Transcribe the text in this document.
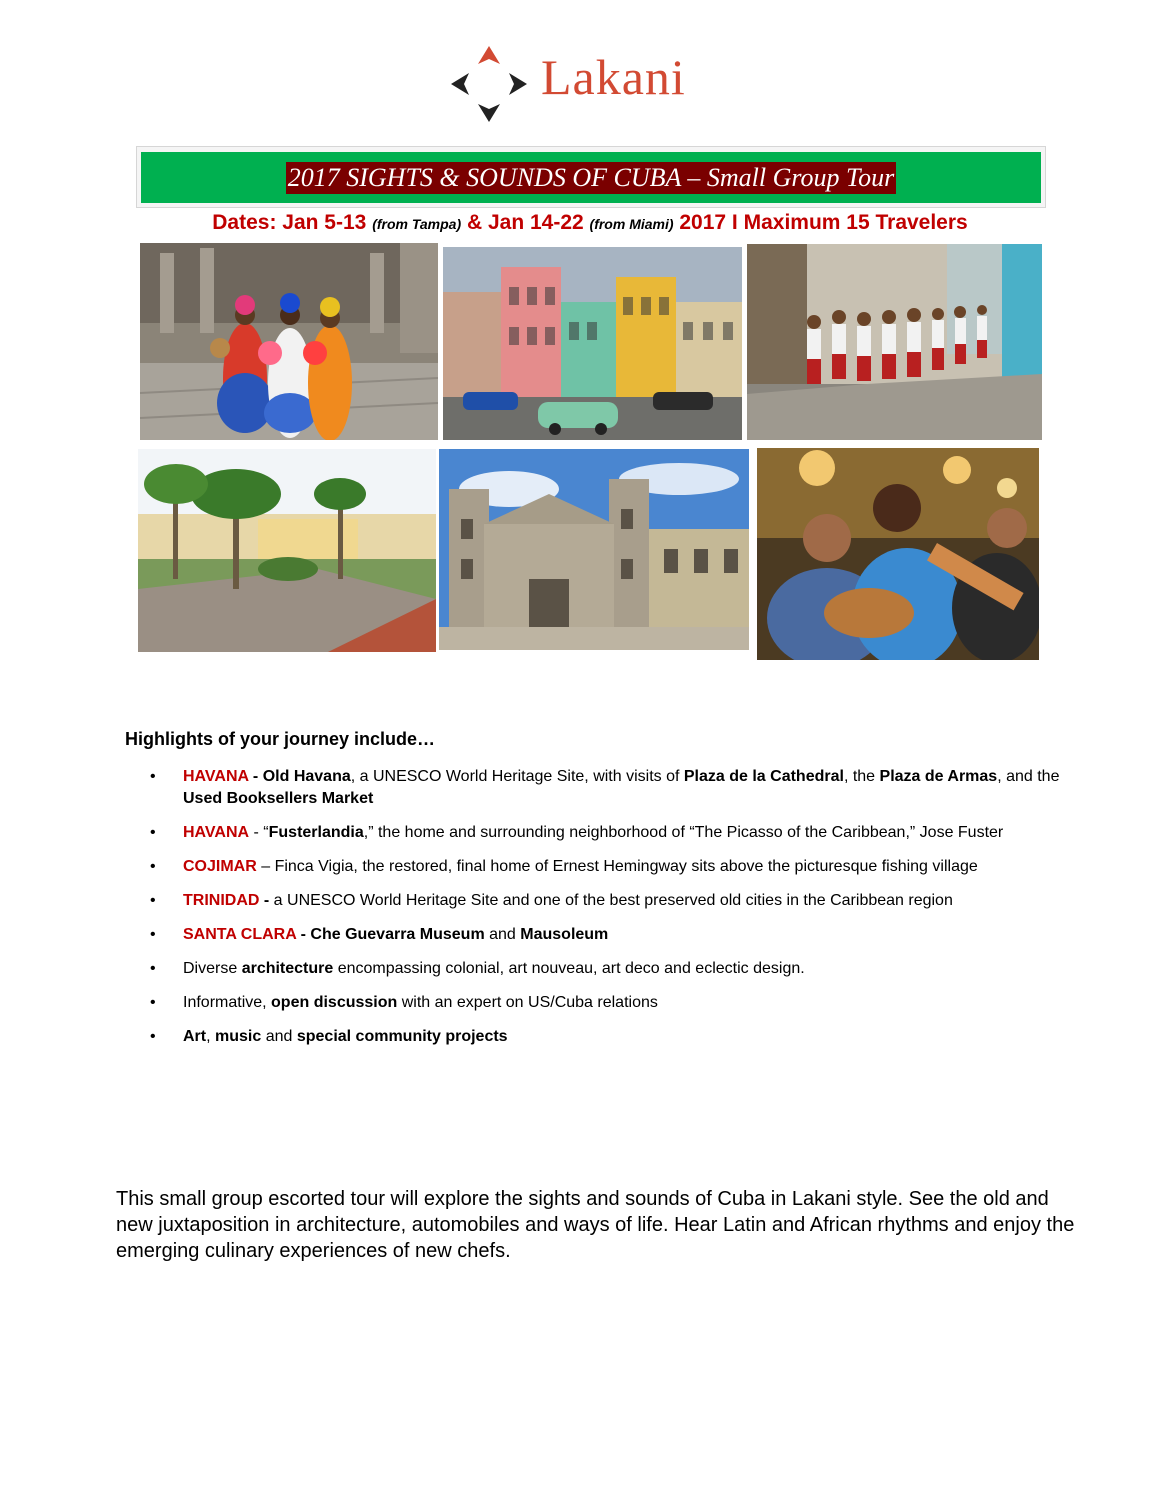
Lakani
2017 SIGHTS & SOUNDS OF CUBA – Small Group Tour
Dates: Jan 5-13 (from Tampa) & Jan 14-22 (from Miami) 2017 I Maximum 15 Travelers
Highlights of your journey include…
• HAVANA - Old Havana, a UNESCO World Heritage Site, with visits of Plaza de la Cathedral, the Plaza de Armas, and the Used Booksellers Market
• HAVANA - “Fusterlandia,” the home and surrounding neighborhood of “The Picasso of the Caribbean,” Jose Fuster
• COJIMAR – Finca Vigia, the restored, final home of Ernest Hemingway sits above the picturesque fishing village
• TRINIDAD - a UNESCO World Heritage Site and one of the best preserved old cities in the Caribbean region
• SANTA CLARA - Che Guevarra Museum and Mausoleum
• Diverse architecture encompassing colonial, art nouveau, art deco and eclectic design.
• Informative, open discussion with an expert on US/Cuba relations
• Art, music and special community projects
This small group escorted tour will explore the sights and sounds of Cuba in Lakani style. See the old and new juxtaposition in architecture, automobiles and ways of life. Hear Latin and African rhythms and enjoy the emerging culinary experiences of new chefs.
